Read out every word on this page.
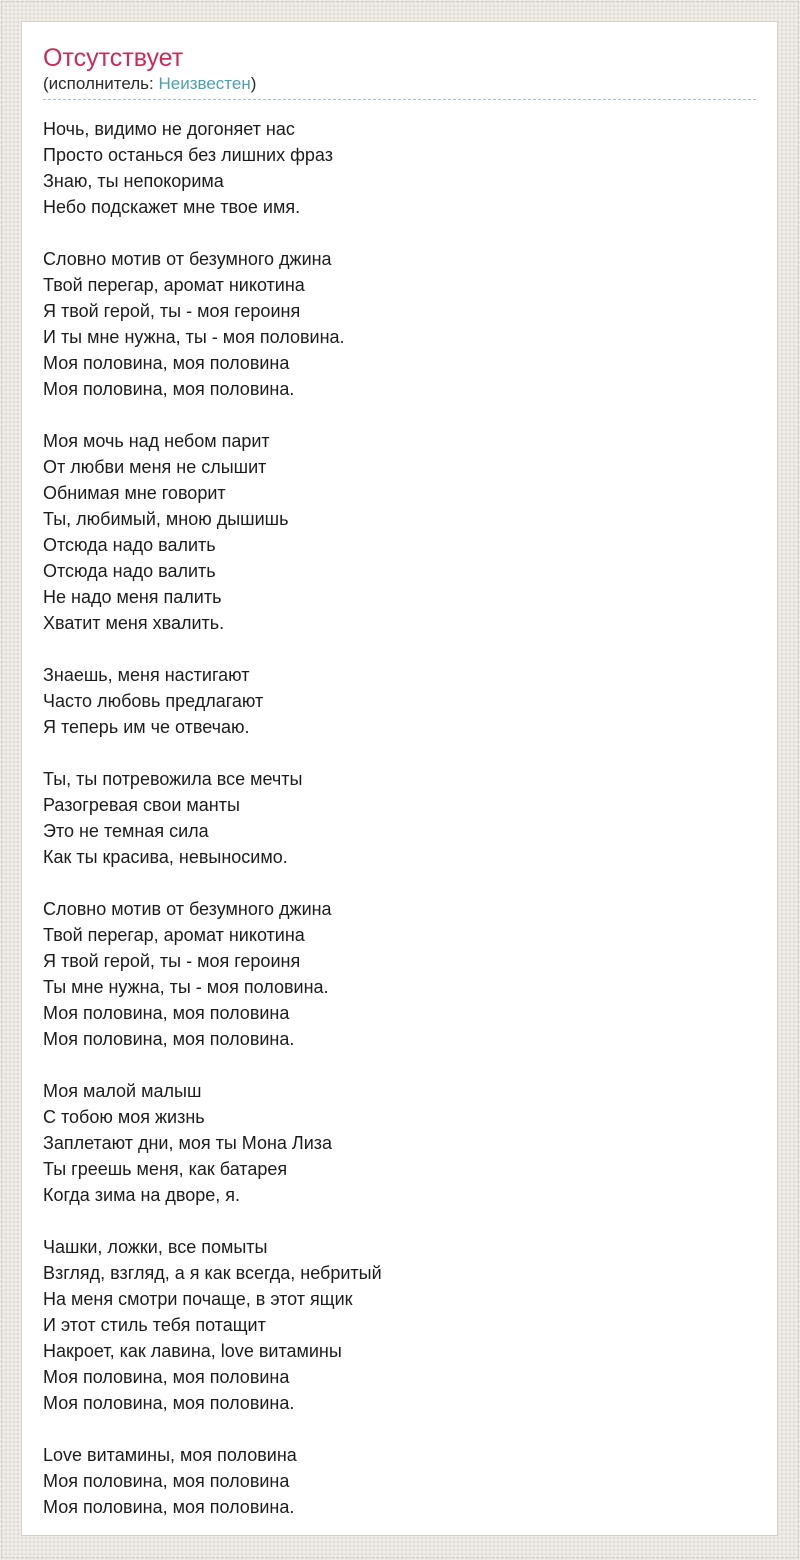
Отсутствует
(исполнитель: Неизвестен)

Ночь, видимо не догоняет нас
Просто останься без лишних фраз
Знаю, ты непокорима
Небо подскажет мне твое имя.

Словно мотив от безумного джина
Твой перегар, аромат никотина
Я твой герой, ты - моя героиня
И ты мне нужна, ты - моя половина.
Моя половина, моя половина
Моя половина, моя половина.

Моя мочь над небом парит
От любви меня не слышит
Обнимая мне говорит
Ты, любимый, мною дышишь
Отсюда надо валить
Отсюда надо валить
Не надо меня палить
Хватит меня хвалить.

Знаешь, меня настигают
Часто любовь предлагают
Я теперь им че отвечаю.

Ты, ты потревожила все мечты
Разогревая свои манты
Это не темная сила
Как ты красива, невыносимо.

Словно мотив от безумного джина
Твой перегар, аромат никотина
Я твой герой, ты - моя героиня
Ты мне нужна, ты - моя половина.
Моя половина, моя половина
Моя половина, моя половина.

Моя малой малыш
С тобою моя жизнь
Заплетают дни, моя ты Мона Лиза
Ты греешь меня, как батарея
Когда зима на дворе, я.

Чашки, ложки, все помыты
Взгляд, взгляд, а я как всегда, небритый
На меня смотри почаще, в этот ящик
И этот стиль тебя потащит
Накроет, как лавина, love витамины
Моя половина, моя половина
Моя половина, моя половина.

Love витамины, моя половина
Моя половина, моя половина
Моя половина, моя половина.
